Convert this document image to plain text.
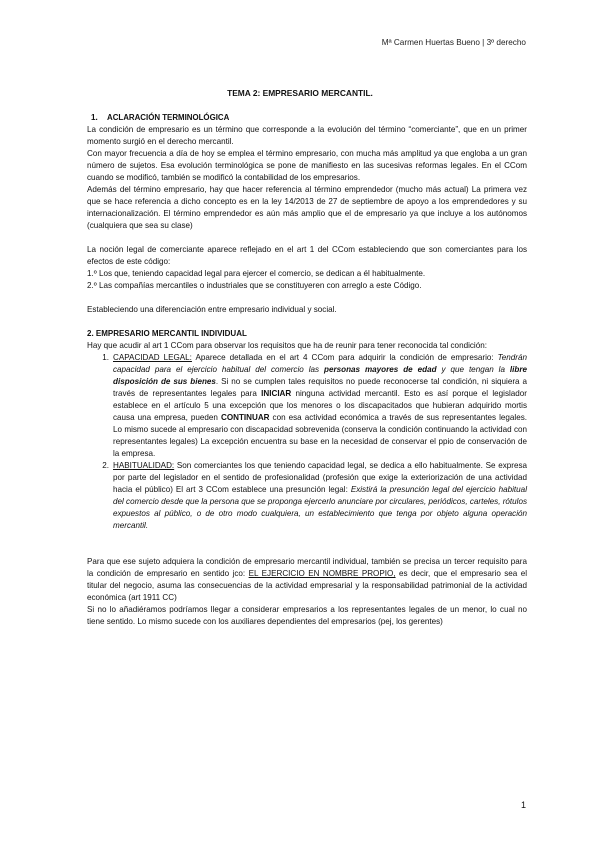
Mª Carmen Huertas Bueno | 3º derecho
TEMA 2: EMPRESARIO MERCANTIL.

1. ACLARACIÓN TERMINOLÓGICA

La condición de empresario es un término que corresponde a la evolución del término “comerciante”, que en un primer momento surgió en el derecho mercantil.

Con mayor frecuencia a día de hoy se emplea el término empresario, con mucha más amplitud ya que engloba a un gran número de sujetos. Esa evolución terminológica se pone de manifiesto en las sucesivas reformas legales. En el CCom cuando se modificó, también se modificó la contabilidad de los empresarios.

Además del término empresario, hay que hacer referencia al término emprendedor (mucho más actual) La primera vez que se hace referencia a dicho concepto es en la ley 14/2013 de 27 de septiembre de apoyo a los emprendedores y su internacionalización. El término emprendedor es aún más amplio que el de empresario ya que incluye a los autónomos (cualquiera que sea su clase)

La noción legal de comerciante aparece reflejado en el art 1 del CCom estableciendo que son comerciantes para los efectos de este código:

1.º Los que, teniendo capacidad legal para ejercer el comercio, se dedican a él habitualmente.

2.º Las compañías mercantiles o industriales que se constituyeren con arreglo a este Código.

Estableciendo una diferenciación entre empresario individual y social.

2. EMPRESARIO MERCANTIL INDIVIDUAL

Hay que acudir al art 1 CCom para observar los requisitos que ha de reunir para tener reconocida tal condición:

1. CAPACIDAD LEGAL: Aparece detallada en el art 4 CCom para adquirir la condición de empresario: Tendrán capacidad para el ejercicio habitual del comercio las personas mayores de edad y que tengan la libre disposición de sus bienes. Si no se cumplen tales requisitos no puede reconocerse tal condición, ni siquiera a través de representantes legales para INICIAR ninguna actividad mercantil. Esto es así porque el legislador establece en el artículo 5 una excepción que los menores o los discapacitados que hubieran adquirido mortis causa una empresa, pueden CONTINUAR con esa actividad económica a través de sus representantes legales. Lo mismo sucede al empresario con discapacidad sobrevenida (conserva la condición continuando la actividad con representantes legales) La excepción encuentra su base en la necesidad de conservar el ppio de conservación de la empresa.
2. HABITUALIDAD: Son comerciantes los que teniendo capacidad legal, se dedica a ello habitualmente. Se expresa por parte del legislador en el sentido de profesionalidad (profesión que exige la exteriorización de una actividad hacia el público) El art 3 CCom establece una presunción legal: Existirá la presunción legal del ejercicio habitual del comercio desde que la persona que se proponga ejercerlo anunciare por circulares, periódicos, carteles, rótulos expuestos al público, o de otro modo cualquiera, un establecimiento que tenga por objeto alguna operación mercantil.

Para que ese sujeto adquiera la condición de empresario mercantil individual, también se precisa un tercer requisito para la condición de empresario en sentido jco: EL EJERCICIO EN NOMBRE PROPIO, es decir, que el empresario sea el titular del negocio, asuma las consecuencias de la actividad empresarial y la responsabilidad patrimonial de la actividad económica (art 1911 CC)

Si no lo añadiéramos podríamos llegar a considerar empresarios a los representantes legales de un menor, lo cual no tiene sentido. Lo mismo sucede con los auxiliares dependientes del empresarios (pej, los gerentes)

1
